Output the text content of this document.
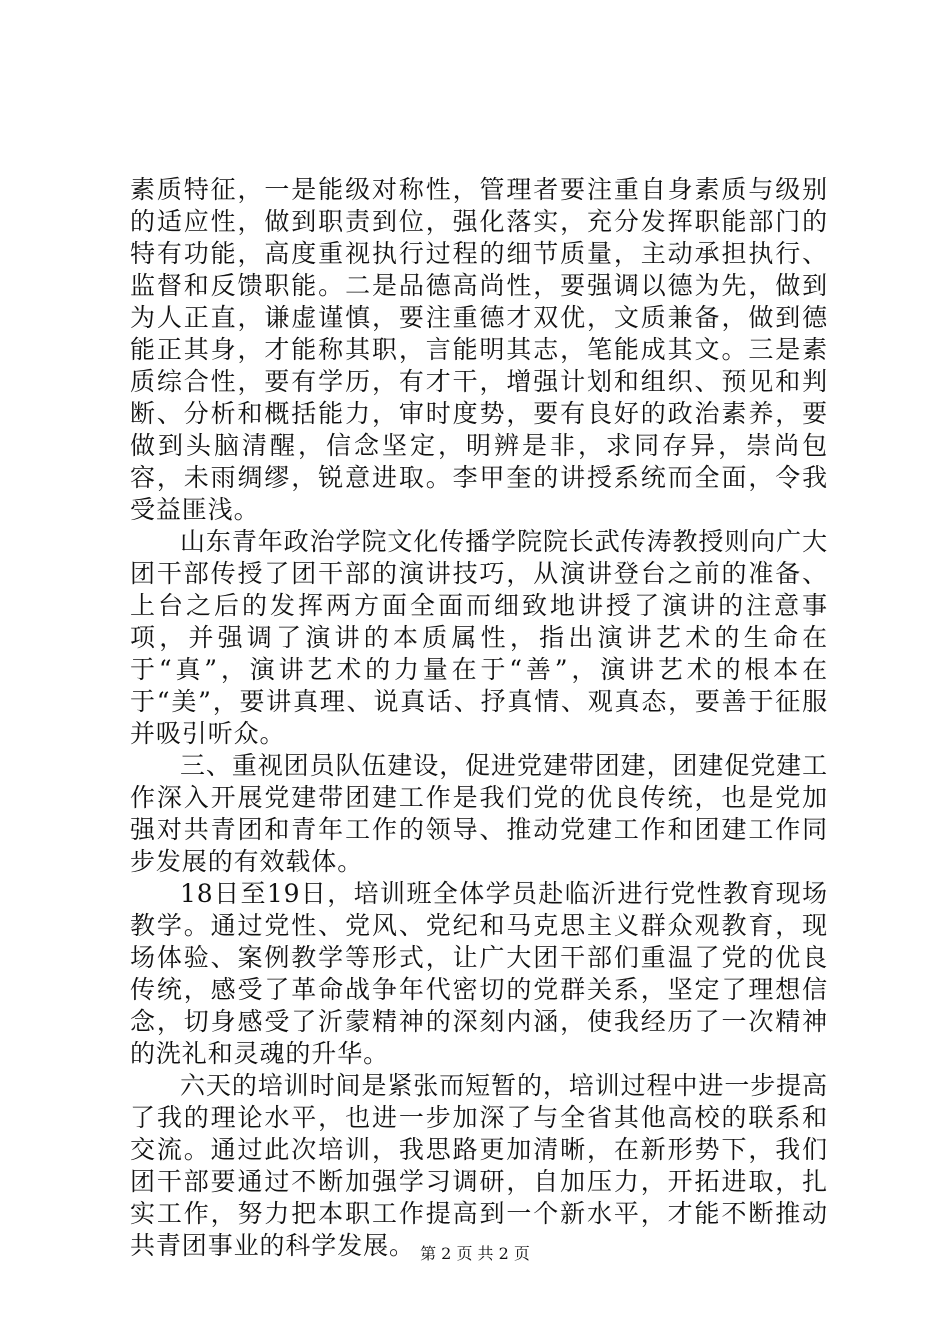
素质特征，一是能级对称性，管理者要注重自身素质与级别的适应性，做到职责到位，强化落实，充分发挥职能部门的特有功能，高度重视执行过程的细节质量，主动承担执行、监督和反馈职能。二是品德高尚性，要强调以德为先，做到为人正直，谦虚谨慎，要注重德才双优，文质兼备，做到德能正其身，才能称其职，言能明其志，笔能成其文。三是素质综合性，要有学历，有才干，增强计划和组织、预见和判断、分析和概括能力，审时度势，要有良好的政治素养，要做到头脑清醒，信念坚定，明辨是非，求同存异，崇尚包容，未雨绸缪，锐意进取。李甲奎的讲授系统而全面，令我受益匪浅。

山东青年政治学院文化传播学院院长武传涛教授则向广大团干部传授了团干部的演讲技巧，从演讲登台之前的准备、上台之后的发挥两方面全面而细致地讲授了演讲的注意事项，并强调了演讲的本质属性，指出演讲艺术的生命在于“真”，演讲艺术的力量在于“善”，演讲艺术的根本在于“美”，要讲真理、说真话、抒真情、观真态，要善于征服并吸引听众。

三、重视团员队伍建设，促进党建带团建，团建促党建工作深入开展党建带团建工作是我们党的优良传统，也是党加强对共青团和青年工作的领导、推动党建工作和团建工作同步发展的有效载体。

18日至19日，培训班全体学员赴临沂进行党性教育现场教学。通过党性、党风、党纪和马克思主义群众观教育，现场体验、案例教学等形式，让广大团干部们重温了党的优良传统，感受了革命战争年代密切的党群关系，坚定了理想信念，切身感受了沂蒙精神的深刻内涵，使我经历了一次精神的洗礼和灵魂的升华。

六天的培训时间是紧张而短暂的，培训过程中进一步提高了我的理论水平，也进一步加深了与全省其他高校的联系和交流。通过此次培训，我思路更加清晰，在新形势下，我们团干部要通过不断加强学习调研，自加压力，开拓进取，扎实工作，努力把本职工作提高到一个新水平，才能不断推动共青团事业的科学发展。 第 2 页 共 2 页
